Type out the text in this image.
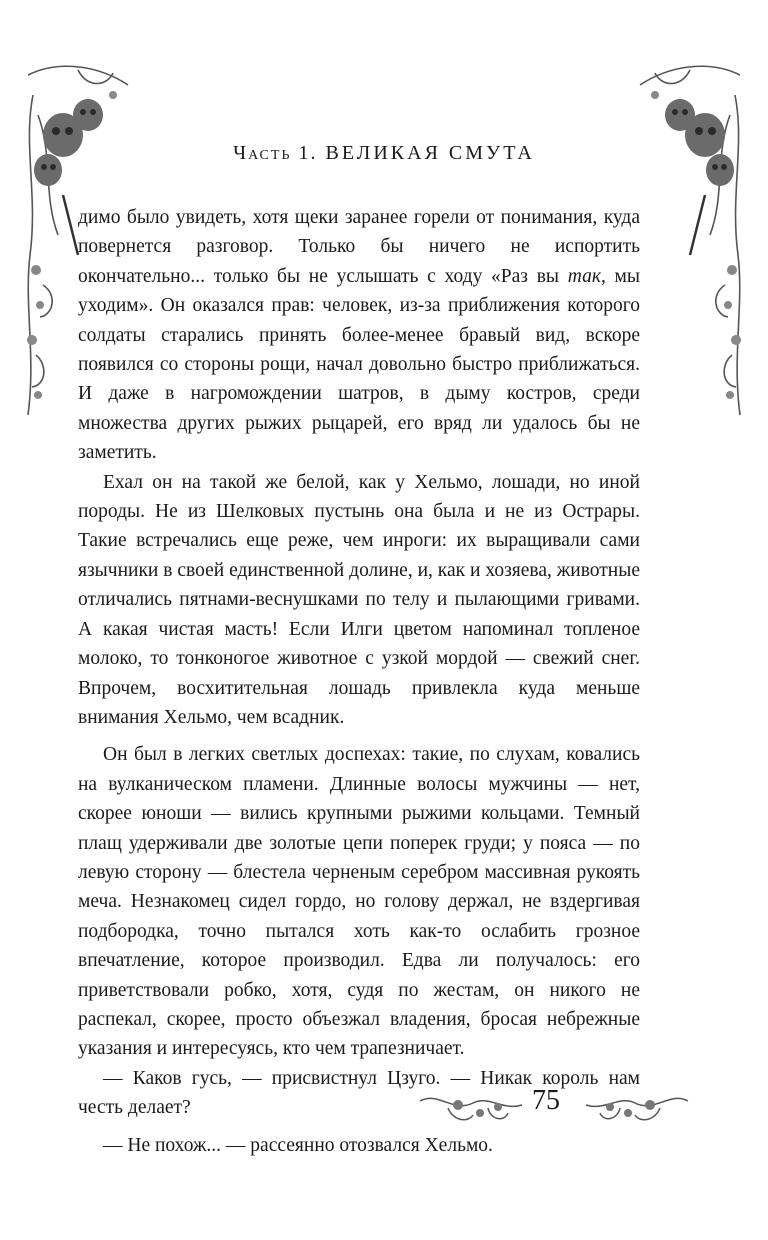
Часть 1. ВЕЛИКАЯ СМУТА

димо было увидеть, хотя щеки заранее горели от понимания, куда повернется разговор. Только бы ничего не испортить окончательно... только бы не услышать с ходу «Раз вы так, мы уходим». Он оказался прав: человек, из-за приближения которого солдаты старались принять более-менее бравый вид, вскоре появился со стороны рощи, начал довольно быстро приближаться. И даже в нагромождении шатров, в дыму костров, среди множества других рыжих рыцарей, его вряд ли удалось бы не заметить.

Ехал он на такой же белой, как у Хельмо, лошади, но иной породы. Не из Шелковых пустынь она была и не из Острары. Такие встречались еще реже, чем инроги: их выращивали сами язычники в своей единственной долине, и, как и хозяева, животные отличались пятнами-веснушками по телу и пылающими гривами. А какая чистая масть! Если Илги цветом напоминал топленое молоко, то тонконогое животное с узкой мордой — свежий снег. Впрочем, восхитительная лошадь привлекла куда меньше внимания Хельмо, чем всадник.

Он был в легких светлых доспехах: такие, по слухам, ковались на вулканическом пламени. Длинные волосы мужчины — нет, скорее юноши — вились крупными рыжими кольцами. Темный плащ удерживали две золотые цепи поперек груди; у пояса — по левую сторону — блестела черненым серебром массивная рукоять меча. Незнакомец сидел гордо, но голову держал, не вздергивая подбородка, точно пытался хоть как-то ослабить грозное впечатление, которое производил. Едва ли получалось: его приветствовали робко, хотя, судя по жестам, он никого не распекал, скорее, просто объезжал владения, бросая небрежные указания и интересуясь, кто чем трапезничает.

— Каков гусь, — присвистнул Цзуго. — Никак король нам честь делает?

— Не похож... — рассеянно отозвался Хельмо.

75
